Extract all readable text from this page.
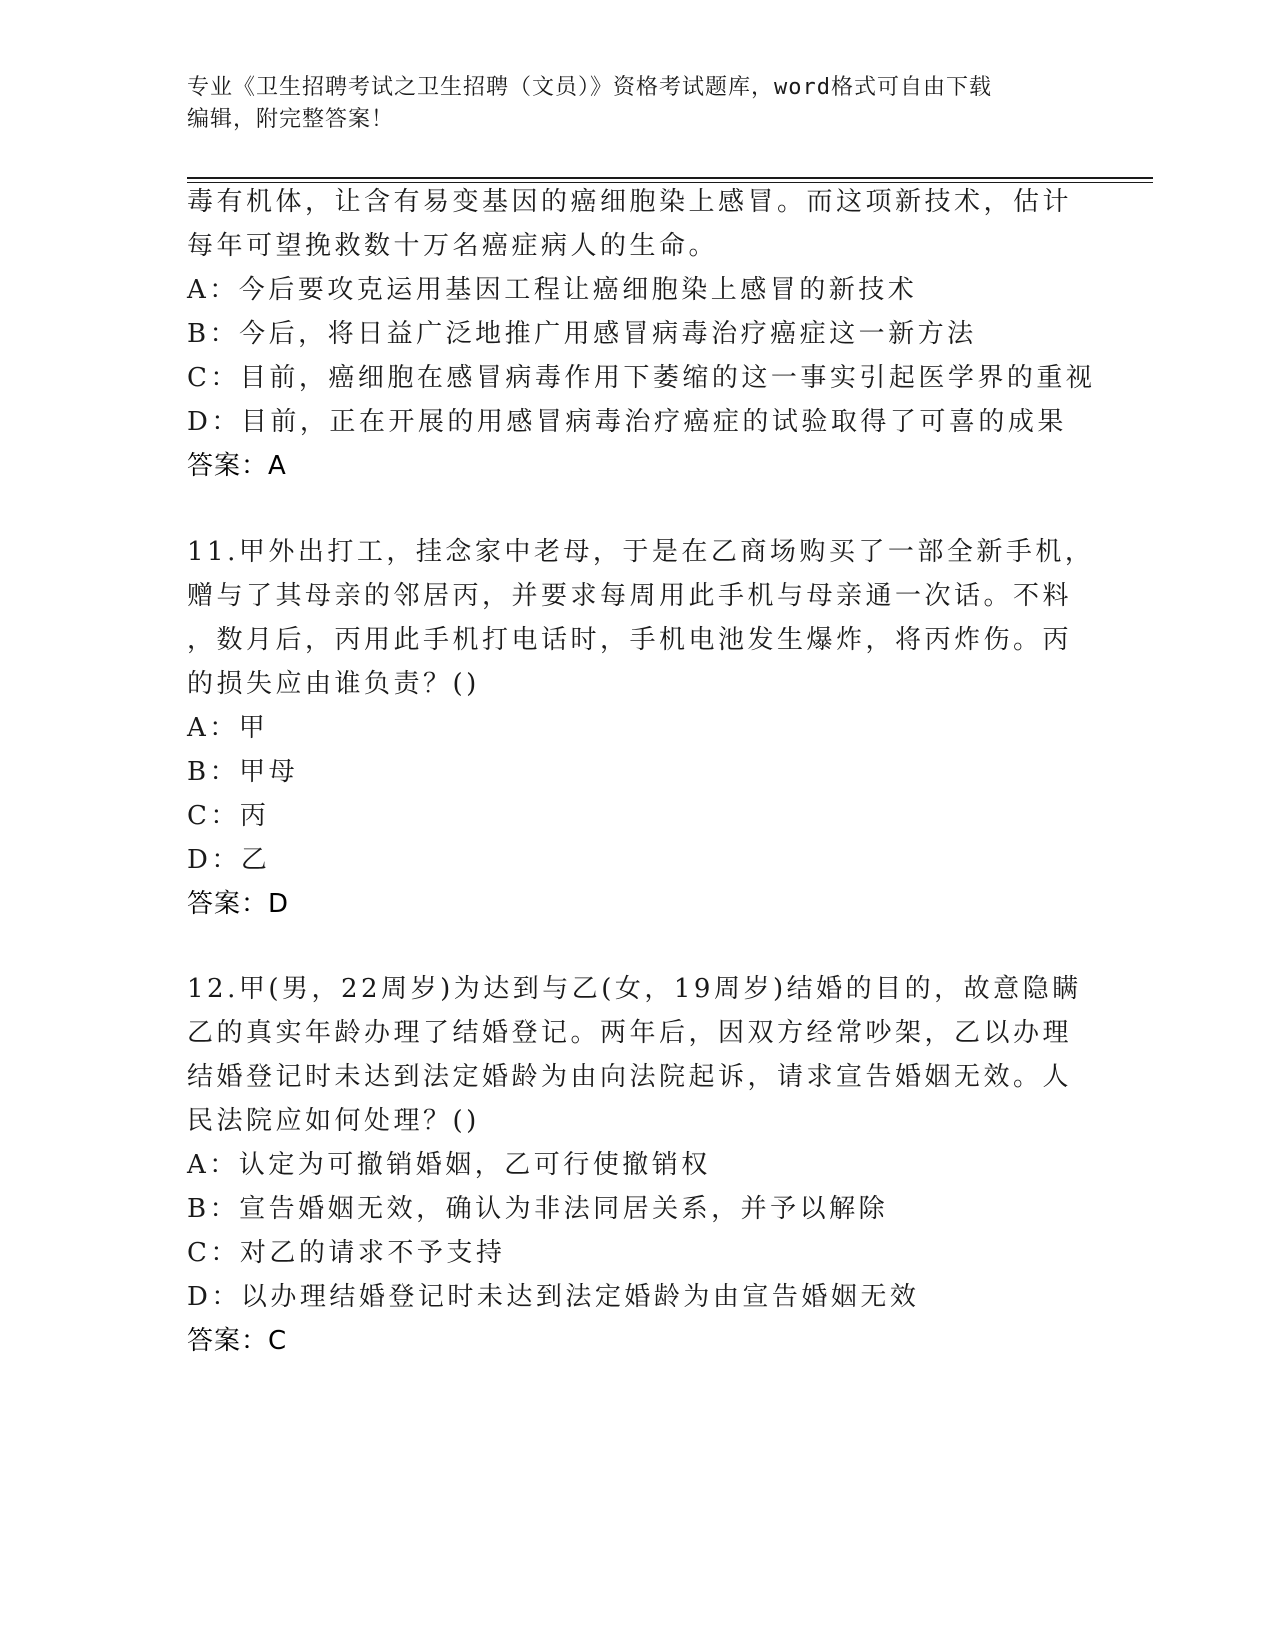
专业《卫生招聘考试之卫生招聘（文员）》资格考试题库，word格式可自由下载
编辑，附完整答案！
毒有机体，让含有易变基因的癌细胞染上感冒。而这项新技术，估计
每年可望挽救数十万名癌症病人的生命。
A：今后要攻克运用基因工程让癌细胞染上感冒的新技术
B：今后，将日益广泛地推广用感冒病毒治疗癌症这一新方法
C：目前，癌细胞在感冒病毒作用下萎缩的这一事实引起医学界的重视
D：目前，正在开展的用感冒病毒治疗癌症的试验取得了可喜的成果
答案：A
11.甲外出打工，挂念家中老母，于是在乙商场购买了一部全新手机，
赠与了其母亲的邻居丙，并要求每周用此手机与母亲通一次话。不料
，数月后，丙用此手机打电话时，手机电池发生爆炸，将丙炸伤。丙
的损失应由谁负责？()
A：甲
B：甲母
C：丙
D：乙
答案：D
12.甲(男，22周岁)为达到与乙(女，19周岁)结婚的目的，故意隐瞒
乙的真实年龄办理了结婚登记。两年后，因双方经常吵架，乙以办理
结婚登记时未达到法定婚龄为由向法院起诉，请求宣告婚姻无效。人
民法院应如何处理？()
A：认定为可撤销婚姻，乙可行使撤销权
B：宣告婚姻无效，确认为非法同居关系，并予以解除
C：对乙的请求不予支持
D：以办理结婚登记时未达到法定婚龄为由宣告婚姻无效
答案：C
